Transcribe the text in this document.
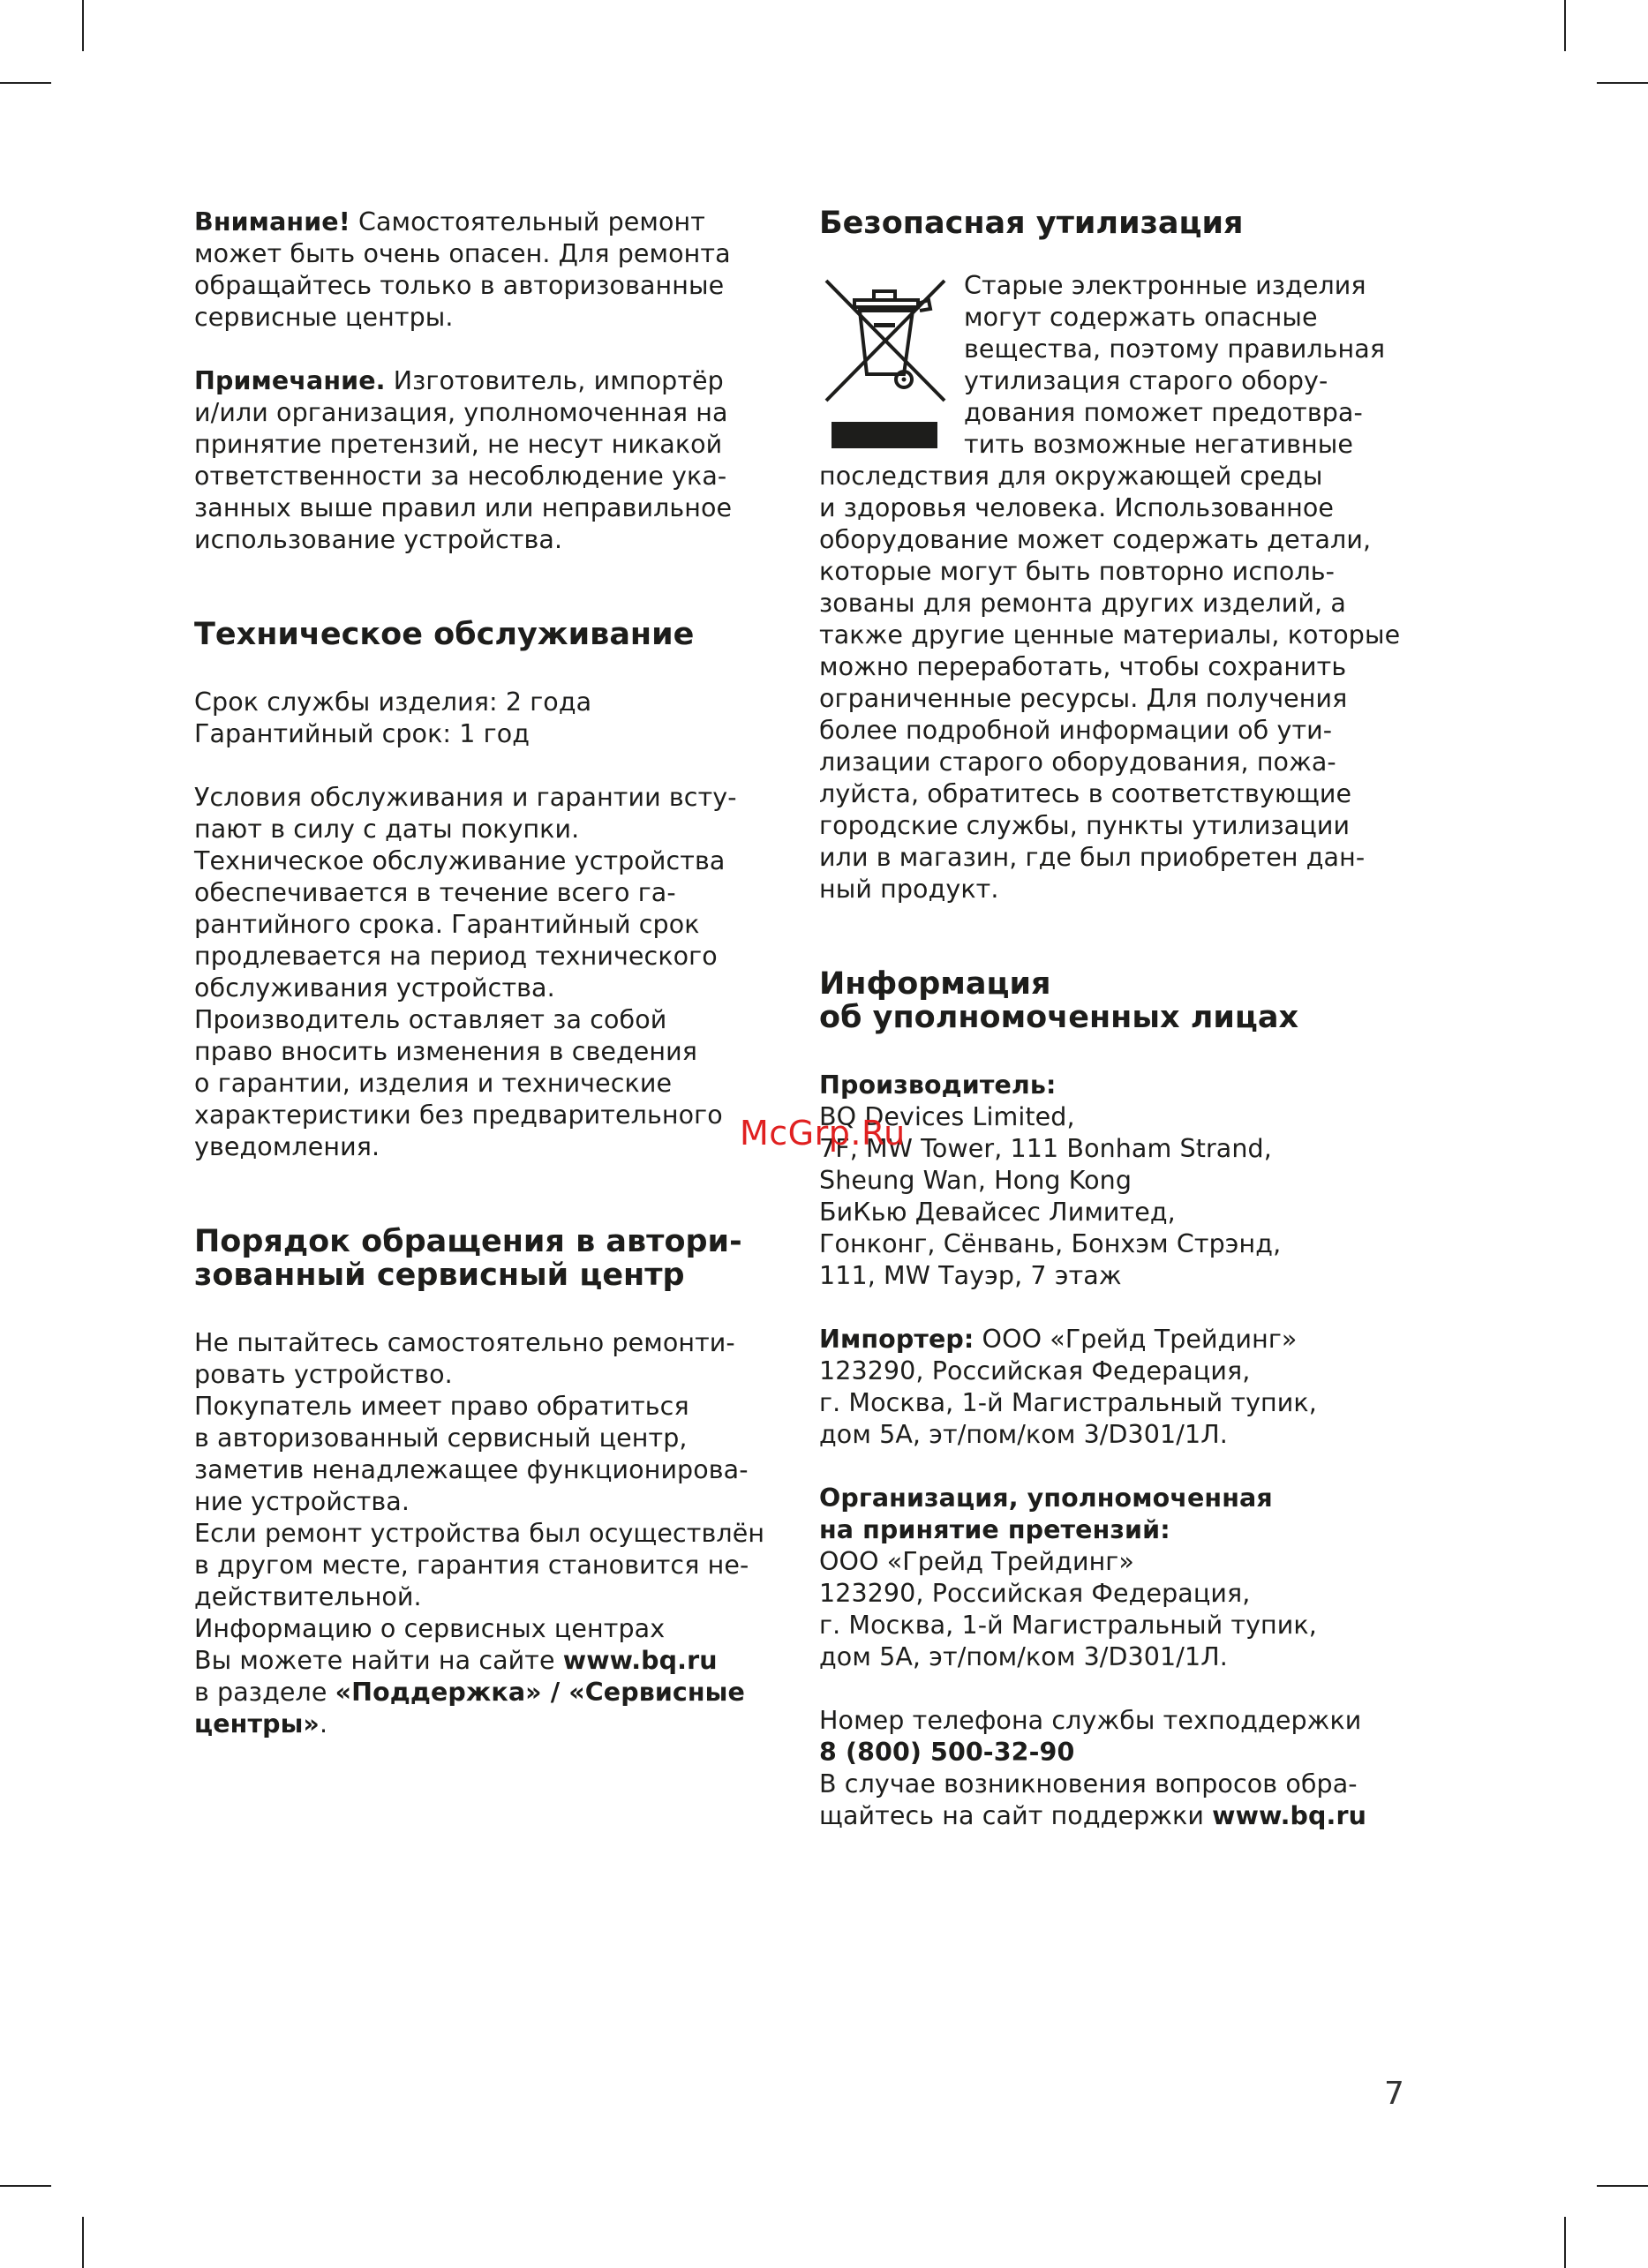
Внимание! Самостоятельный ремонт
может быть очень опасен. Для ремонта
обращайтесь только в авторизованные
сервисные центры.

Примечание. Изготовитель, импортёр
и/или организация, уполномоченная на
принятие претензий, не несут никакой
ответственности за несоблюдение ука-
занных выше правил или неправильное
использование устройства.

Техническое обслуживание

Срок службы изделия: 2 года
Гарантийный срок: 1 год

Условия обслуживания и гарантии всту-
пают в силу с даты покупки.
Техническое обслуживание устройства
обеспечивается в течение всего га-
рантийного срока. Гарантийный срок
продлевается на период технического
обслуживания устройства.
Производитель оставляет за собой
право вносить изменения в сведения
о гарантии, изделия и технические
характеристики без предварительного
уведомления.

Порядок обращения в автори-
зованный сервисный центр

Не пытайтесь самостоятельно ремонти-
ровать устройство.
Покупатель имеет право обратиться
в авторизованный сервисный центр,
заметив ненадлежащее функционирова-
ние устройства.
Если ремонт устройства был осуществлён
в другом месте, гарантия становится не-
действительной.
Информацию о сервисных центрах
Вы можете найти на сайте www.bq.ru
в разделе «Поддержка» / «Сервисные
центры».

Безопасная утилизация

Старые электронные изделия
могут содержать опасные
вещества, поэтому правильная
утилизация старого обору-
дования поможет предотвра-
тить возможные негативные
последствия для окружающей среды
и здоровья человека. Использованное
оборудование может содержать детали,
которые могут быть повторно исполь-
зованы для ремонта других изделий, а
также другие ценные материалы, которые
можно переработать, чтобы сохранить
ограниченные ресурсы. Для получения
более подробной информации об ути-
лизации старого оборудования, пожа-
луйста, обратитесь в соответствующие
городские службы, пункты утилизации
или в магазин, где был приобретен дан-
ный продукт.

Информация
об уполномоченных лицах

Производитель:
BQ Devices Limited,
7F, MW Tower, 111 Bonham Strand,
Sheung Wan, Hong Kong
БиКью Девайсес Лимитед,
Гонконг, Сёнвань, Бонхэм Стрэнд,
111, MW Тауэр, 7 этаж

Импортер: ООО «Грейд Трейдинг»
123290, Российская Федерация,
г. Москва, 1-й Магистральный тупик,
дом 5А, эт/пом/ком 3/D301/1Л.

Организация, уполномоченная
на принятие претензий:
ООО «Грейд Трейдинг»
123290, Российская Федерация,
г. Москва, 1-й Магистральный тупик,
дом 5А, эт/пом/ком 3/D301/1Л.

Номер телефона службы техподдержки
8 (800) 500-32-90
В случае возникновения вопросов обра-
щайтесь на сайт поддержки www.bq.ru

McGrp.Ru
7
